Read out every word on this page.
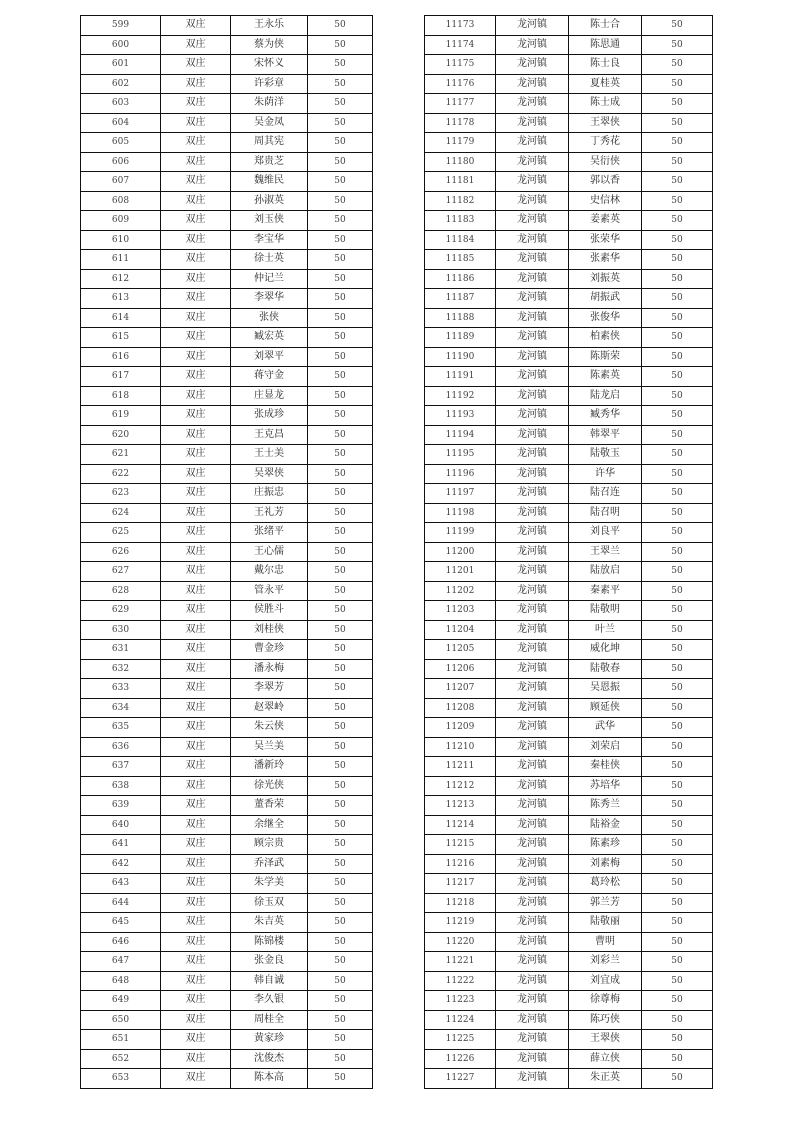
599	双庄	王永乐	50
600	双庄	蔡为侠	50
601	双庄	宋怀义	50
602	双庄	许彩章	50
603	双庄	朱荫洋	50
604	双庄	吴金凤	50
605	双庄	周其宪	50
606	双庄	郑贵芝	50
607	双庄	魏维民	50
608	双庄	孙淑英	50
609	双庄	刘玉侠	50
610	双庄	李宝华	50
611	双庄	徐士英	50
612	双庄	仲记兰	50
613	双庄	李翠华	50
614	双庄	张侠	50
615	双庄	臧宏英	50
616	双庄	刘翠平	50
617	双庄	蒋守金	50
618	双庄	庄显龙	50
619	双庄	张成珍	50
620	双庄	王克昌	50
621	双庄	王士美	50
622	双庄	吴翠侠	50
623	双庄	庄振忠	50
624	双庄	王礼芳	50
625	双庄	张绪平	50
626	双庄	王心儒	50
627	双庄	戴尔忠	50
628	双庄	管永平	50
629	双庄	侯胜斗	50
630	双庄	刘桂侠	50
631	双庄	曹金珍	50
632	双庄	潘永梅	50
633	双庄	李翠芳	50
634	双庄	赵翠岭	50
635	双庄	朱云侠	50
636	双庄	吴兰美	50
637	双庄	潘新玲	50
638	双庄	徐光侠	50
639	双庄	董香荣	50
640	双庄	余继全	50
641	双庄	顾宗贵	50
642	双庄	乔泽武	50
643	双庄	朱学美	50
644	双庄	徐玉双	50
645	双庄	朱吉英	50
646	双庄	陈锦楼	50
647	双庄	张金良	50
648	双庄	韩自诚	50
649	双庄	李久银	50
650	双庄	周桂全	50
651	双庄	黄家珍	50
652	双庄	沈俊杰	50
653	双庄	陈本高	50
11173	龙河镇	陈士合	50
11174	龙河镇	陈思通	50
11175	龙河镇	陈士良	50
11176	龙河镇	夏桂英	50
11177	龙河镇	陈士成	50
11178	龙河镇	王翠侠	50
11179	龙河镇	丁秀花	50
11180	龙河镇	吴衍侠	50
11181	龙河镇	郭以香	50
11182	龙河镇	史信林	50
11183	龙河镇	姜素英	50
11184	龙河镇	张荣华	50
11185	龙河镇	张素华	50
11186	龙河镇	刘振英	50
11187	龙河镇	胡振武	50
11188	龙河镇	张俊华	50
11189	龙河镇	柏素侠	50
11190	龙河镇	陈斯荣	50
11191	龙河镇	陈素英	50
11192	龙河镇	陆龙启	50
11193	龙河镇	臧秀华	50
11194	龙河镇	韩翠平	50
11195	龙河镇	陆敬玉	50
11196	龙河镇	许华	50
11197	龙河镇	陆召连	50
11198	龙河镇	陆召明	50
11199	龙河镇	刘良平	50
11200	龙河镇	王翠兰	50
11201	龙河镇	陆放启	50
11202	龙河镇	秦素平	50
11203	龙河镇	陆敬明	50
11204	龙河镇	叶兰	50
11205	龙河镇	威化坤	50
11206	龙河镇	陆敬春	50
11207	龙河镇	吴恩振	50
11208	龙河镇	顾延侠	50
11209	龙河镇	武华	50
11210	龙河镇	刘荣启	50
11211	龙河镇	秦桂侠	50
11212	龙河镇	苏培华	50
11213	龙河镇	陈秀兰	50
11214	龙河镇	陆裕金	50
11215	龙河镇	陈素珍	50
11216	龙河镇	刘素梅	50
11217	龙河镇	葛玲松	50
11218	龙河镇	郭兰芳	50
11219	龙河镇	陆敬丽	50
11220	龙河镇	曹明	50
11221	龙河镇	刘彩兰	50
11222	龙河镇	刘宜成	50
11223	龙河镇	徐尊梅	50
11224	龙河镇	陈巧侠	50
11225	龙河镇	王翠侠	50
11226	龙河镇	薛立侠	50
11227	龙河镇	朱正英	50
